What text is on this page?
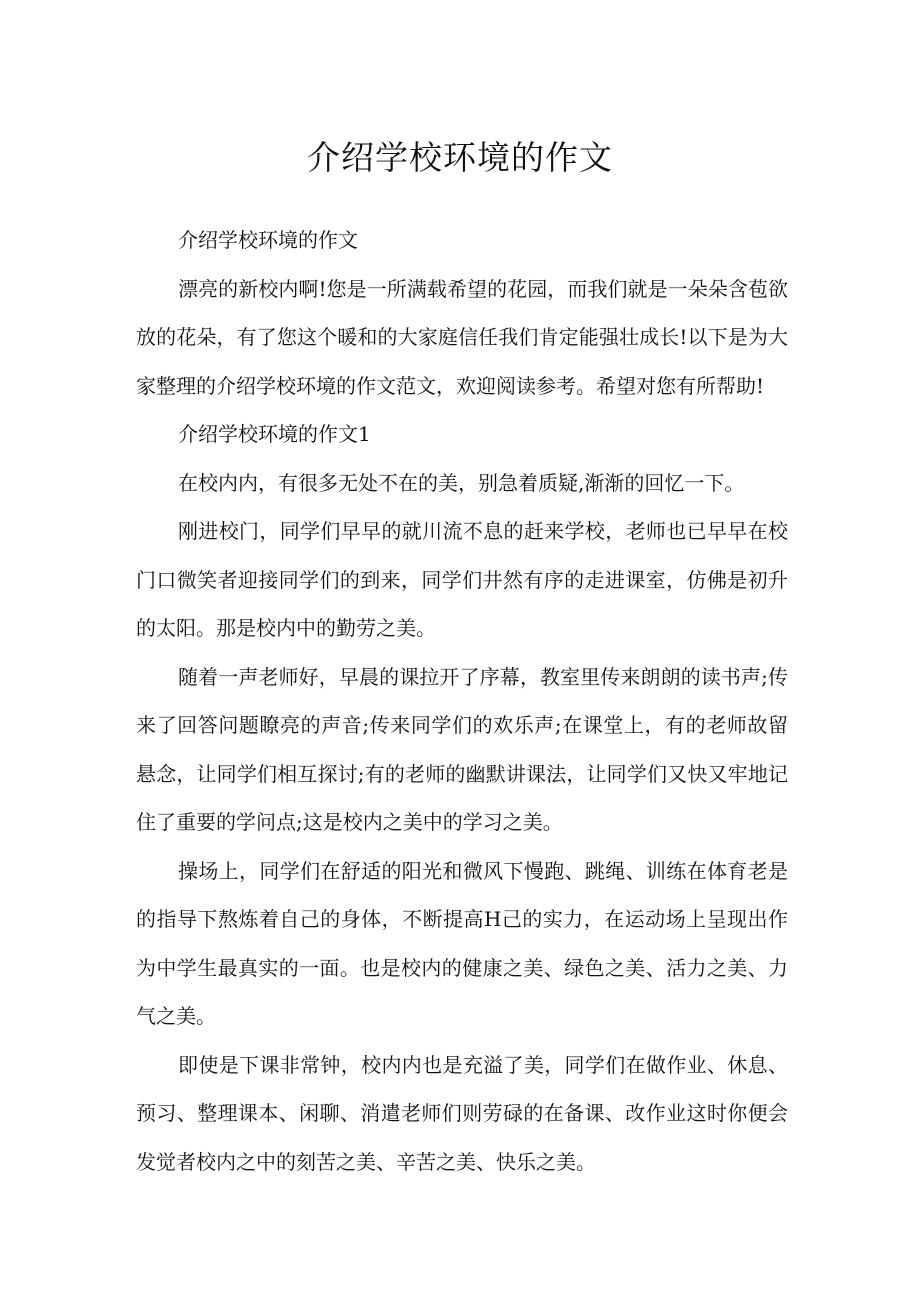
介绍学校环境的作文

介绍学校环境的作文

漂亮的新校内啊!您是一所满载希望的花园，而我们就是一朵朵含苞欲放的花朵，有了您这个暖和的大家庭信任我们肯定能强壮成长!以下是为大家整理的介绍学校环境的作文范文，欢迎阅读参考。希望对您有所帮助!

介绍学校环境的作文1

在校内内，有很多无处不在的美，别急着质疑,渐渐的回忆一下。

刚进校门，同学们早早的就川流不息的赶来学校，老师也已早早在校门口微笑者迎接同学们的到来，同学们井然有序的走进课室，仿佛是初升的太阳。那是校内中的勤劳之美。

随着一声老师好，早晨的课拉开了序幕，教室里传来朗朗的读书声;传来了回答问题瞭亮的声音;传来同学们的欢乐声;在课堂上，有的老师故留悬念，让同学们相互探讨;有的老师的幽默讲课法，让同学们又快又牢地记住了重要的学问点;这是校内之美中的学习之美。

操场上，同学们在舒适的阳光和微风下慢跑、跳绳、训练在体育老是的指导下熬炼着自己的身体，不断提高H己的实力，在运动场上呈现出作为中学生最真实的一面。也是校内的健康之美、绿色之美、活力之美、力气之美。

即使是下课非常钟，校内内也是充溢了美，同学们在做作业、休息、预习、整理课本、闲聊、消遣老师们则劳碌的在备课、改作业这时你便会发觉者校内之中的刻苦之美、辛苦之美、快乐之美。
